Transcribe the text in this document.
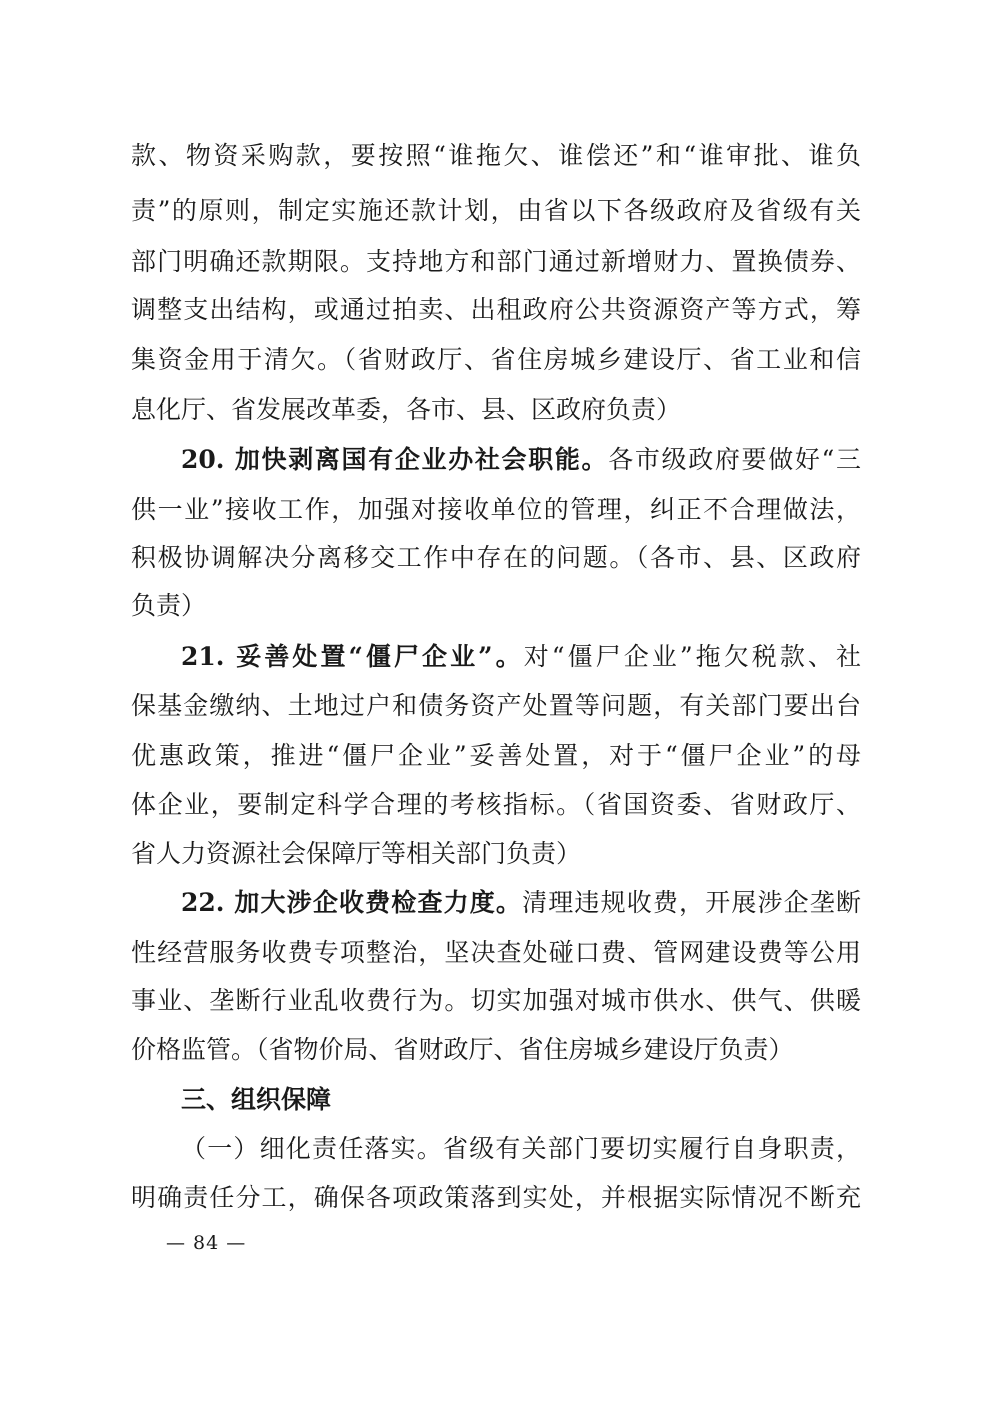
款、物资采购款，要按照“谁拖欠、谁偿还”和“谁审批、谁负
责”的原则，制定实施还款计划，由省以下各级政府及省级有关
部门明确还款期限。支持地方和部门通过新增财力、置换债券、
调整支出结构，或通过拍卖、出租政府公共资源资产等方式，筹
集资金用于清欠。（省财政厅、省住房城乡建设厅、省工业和信
息化厅、省发展改革委，各市、县、区政府负责）
20. 加快剥离国有企业办社会职能。各市级政府要做好“三
供一业”接收工作，加强对接收单位的管理，纠正不合理做法，
积极协调解决分离移交工作中存在的问题。（各市、县、区政府
负责）
21. 妥善处置“僵尸企业”。对“僵尸企业”拖欠税款、社
保基金缴纳、土地过户和债务资产处置等问题，有关部门要出台
优惠政策，推进“僵尸企业”妥善处置，对于“僵尸企业”的母
体企业，要制定科学合理的考核指标。（省国资委、省财政厅、
省人力资源社会保障厅等相关部门负责）
22. 加大涉企收费检查力度。清理违规收费，开展涉企垄断
性经营服务收费专项整治，坚决查处碰口费、管网建设费等公用
事业、垄断行业乱收费行为。切实加强对城市供水、供气、供暖
价格监管。（省物价局、省财政厅、省住房城乡建设厅负责）
三、组织保障
（一）细化责任落实。省级有关部门要切实履行自身职责，
明确责任分工，确保各项政策落到实处，并根据实际情况不断充
— 84 —
